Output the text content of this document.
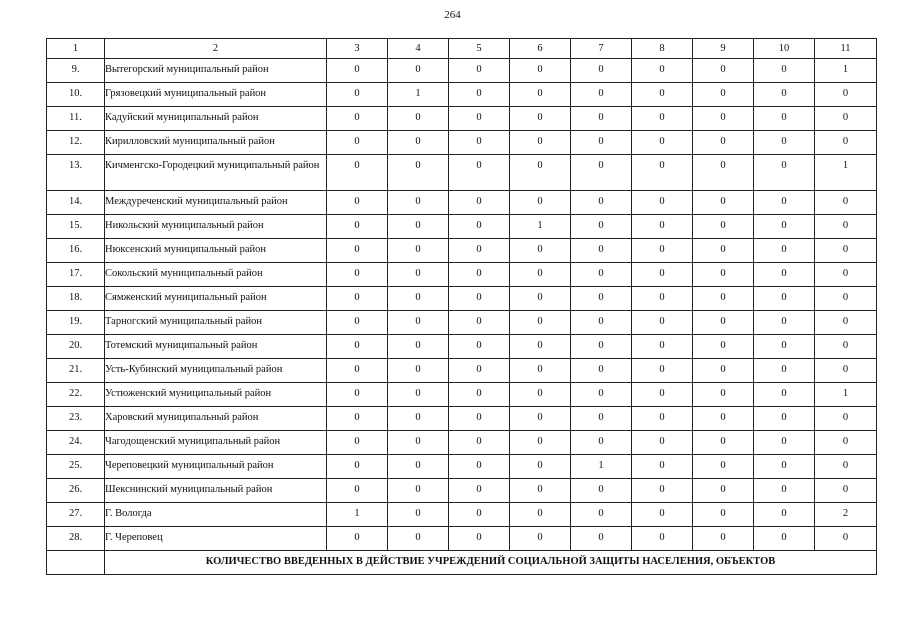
264
1	2	3	4	5	6	7	8	9	10	11
9.	Вытегорский муниципальный район	0	0	0	0	0	0	0	0	1
10.	Грязовецкий муниципальный район	0	1	0	0	0	0	0	0	0
11.	Кадуйский муниципальный район	0	0	0	0	0	0	0	0	0
12.	Кирилловский муниципальный район	0	0	0	0	0	0	0	0	0
13.	Кичменгско-Городецкий муниципальный район	0	0	0	0	0	0	0	0	1
14.	Междуреченский муниципальный район	0	0	0	0	0	0	0	0	0
15.	Никольский муниципальный район	0	0	0	1	0	0	0	0	0
16.	Нюксенский муниципальный район	0	0	0	0	0	0	0	0	0
17.	Сокольский муниципальный район	0	0	0	0	0	0	0	0	0
18.	Сямженский муниципальный район	0	0	0	0	0	0	0	0	0
19.	Тарногский муниципальный район	0	0	0	0	0	0	0	0	0
20.	Тотемский муниципальный район	0	0	0	0	0	0	0	0	0
21.	Усть-Кубинский муниципальный район	0	0	0	0	0	0	0	0	0
22.	Устюженский муниципальный район	0	0	0	0	0	0	0	0	1
23.	Харовский муниципальный район	0	0	0	0	0	0	0	0	0
24.	Чагодощенский муниципальный район	0	0	0	0	0	0	0	0	0
25.	Череповецкий муниципальный район	0	0	0	0	1	0	0	0	0
26.	Шекснинский муниципальный район	0	0	0	0	0	0	0	0	0
27.	Г. Вологда	1	0	0	0	0	0	0	0	2
28.	Г. Череповец	0	0	0	0	0	0	0	0	0
	КОЛИЧЕСТВО ВВЕДЕННЫХ В ДЕЙСТВИЕ УЧРЕЖДЕНИЙ СОЦИАЛЬНОЙ ЗАЩИТЫ НАСЕЛЕНИЯ, ОБЪЕКТОВ									
